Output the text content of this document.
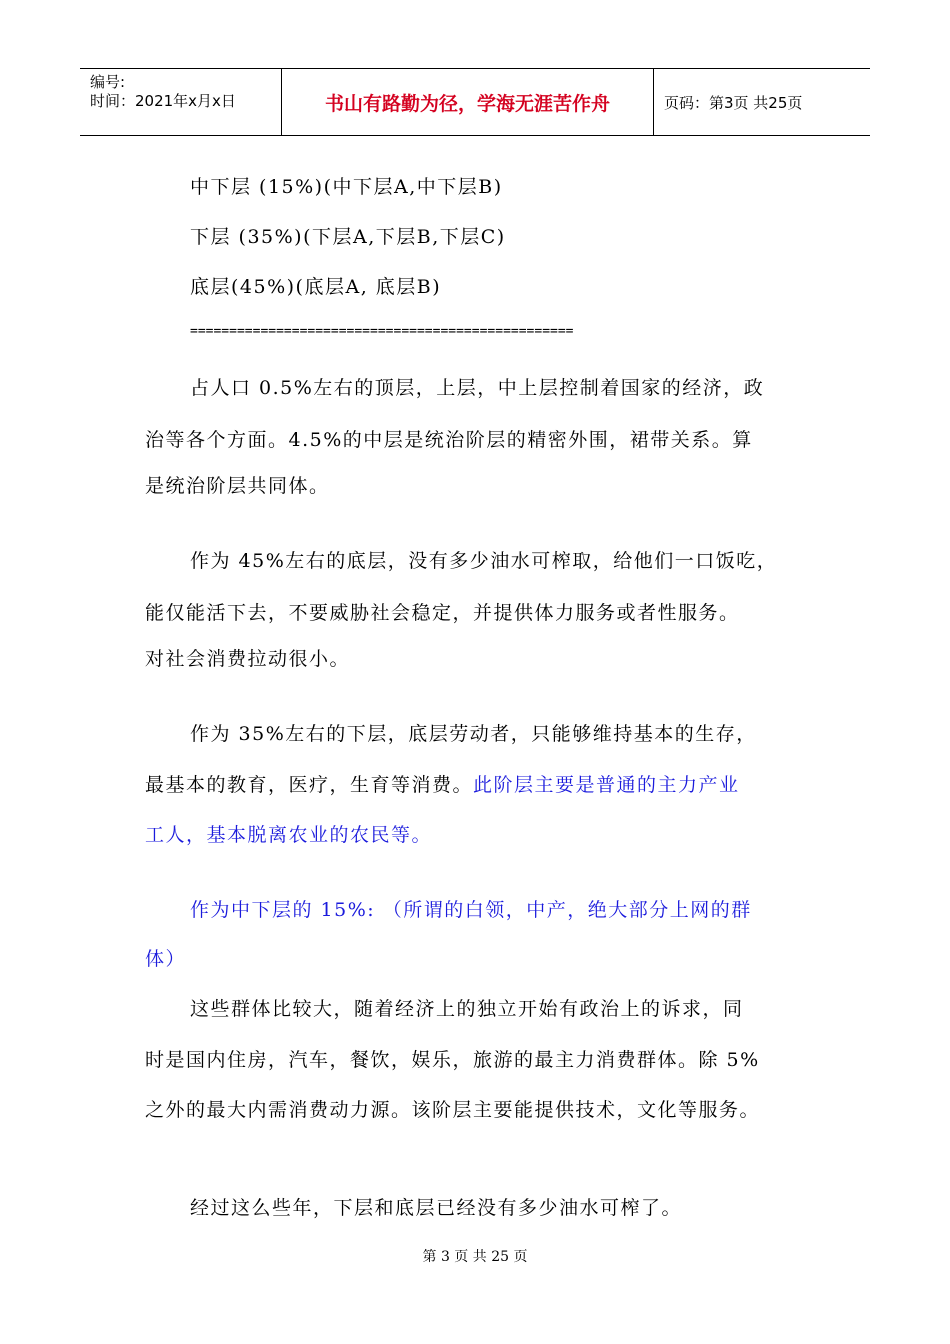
编号:
时间：2021年x月x日	书山有路勤为径，学海无涯苦作舟	页码：第3页 共25页
中下层 (15%)(中下层A,中下层B)
下层 (35%)(下层A,下层B,下层C)
底层(45%)(底层A, 底层B)
=================================================
占人口 0.5%左右的顶层，上层，中上层控制着国家的经济，政
治等各个方面。4.5%的中层是统治阶层的精密外围，裙带关系。算
是统治阶层共同体。
作为 45%左右的底层，没有多少油水可榨取，给他们一口饭吃，
能仅能活下去，不要威胁社会稳定，并提供体力服务或者性服务。
对社会消费拉动很小。
作为 35%左右的下层，底层劳动者，只能够维持基本的生存，
最基本的教育，医疗，生育等消费。此阶层主要是普通的主力产业
工人，基本脱离农业的农民等。
作为中下层的 15%: （所谓的白领，中产，绝大部分上网的群
体）
这些群体比较大，随着经济上的独立开始有政治上的诉求，同
时是国内住房，汽车，餐饮，娱乐，旅游的最主力消费群体。除 5%
之外的最大内需消费动力源。该阶层主要能提供技术，文化等服务。
经过这么些年，下层和底层已经没有多少油水可榨了。
第 3 页 共 25 页
